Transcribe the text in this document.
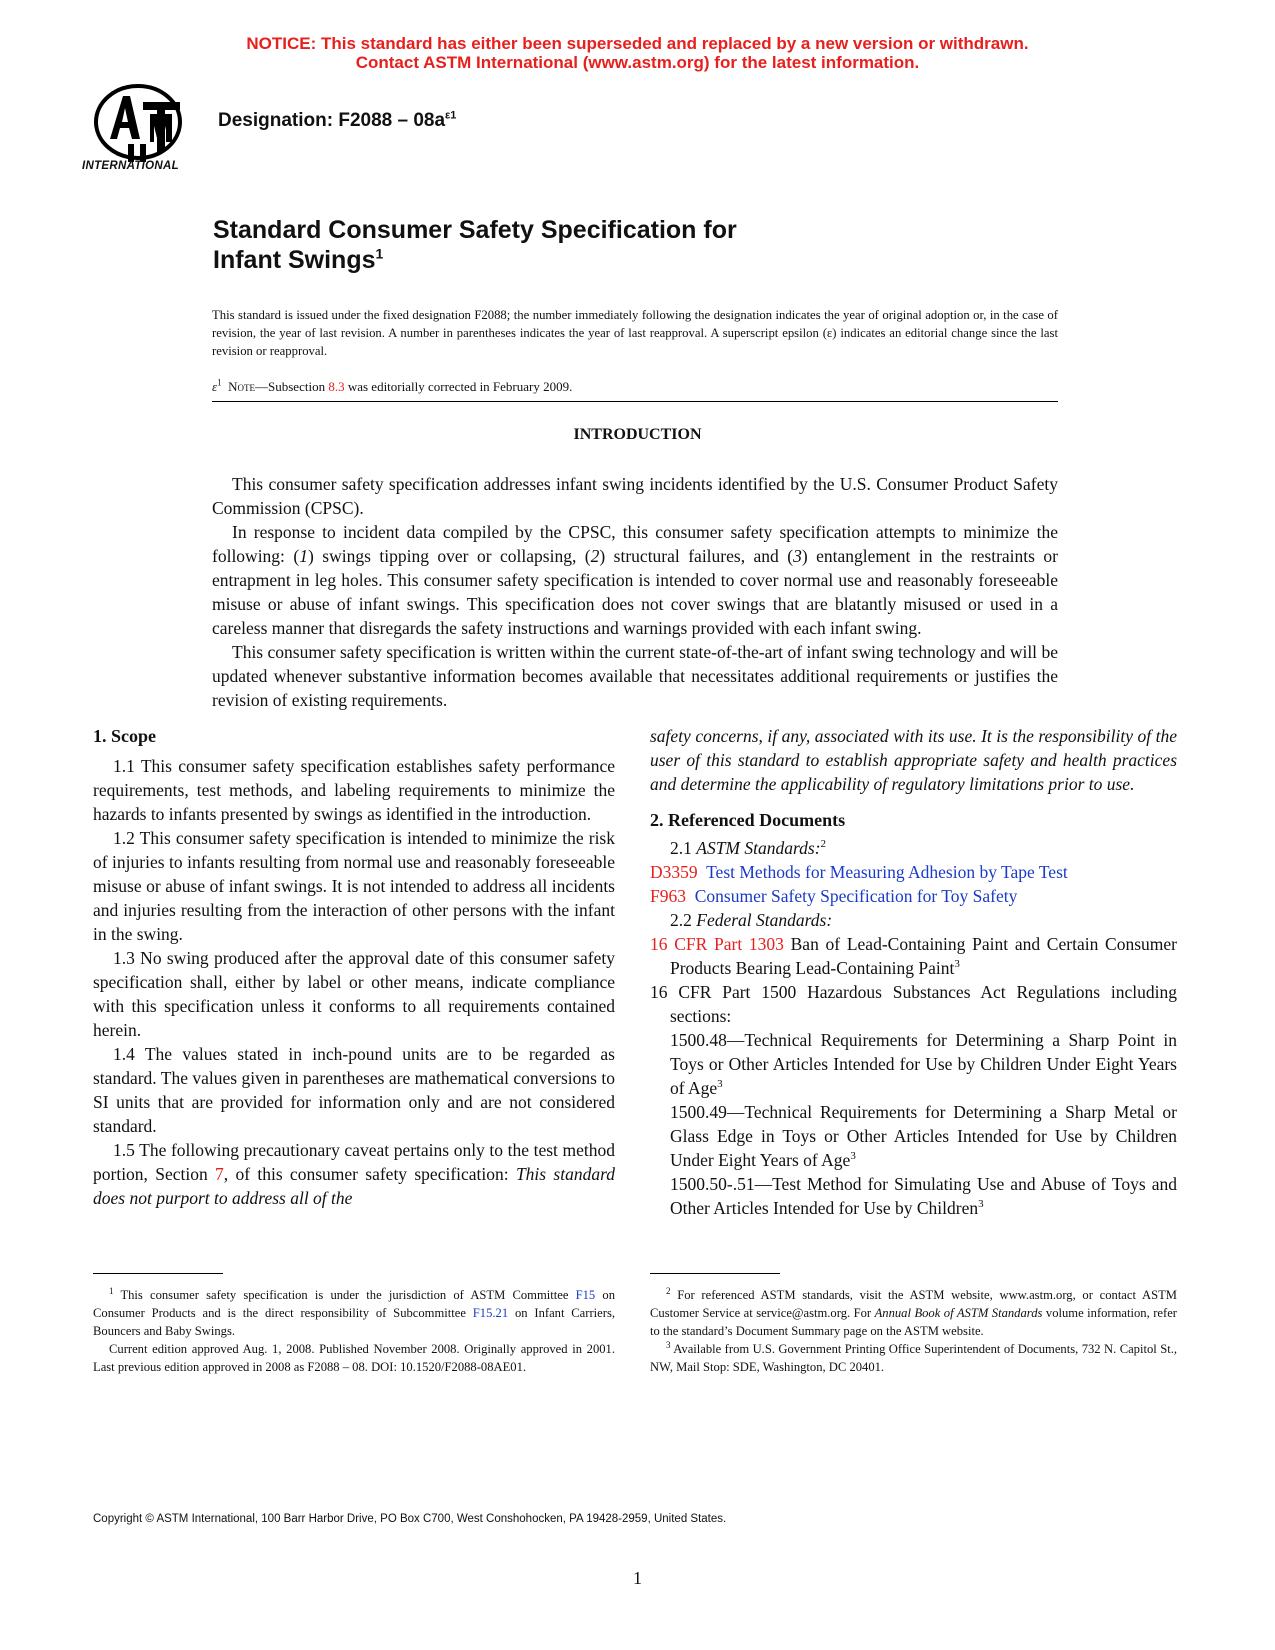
NOTICE: This standard has either been superseded and replaced by a new version or withdrawn.
Contact ASTM International (www.astm.org) for the latest information.
INTERNATIONAL
Designation: $F2088 - 08a^{\varepsilon 1}$
Standard Consumer Safety Specification for
Infant Swings$^1$
This standard is issued under the fixed designation F2088; the number immediately following the designation indicates the year of original adoption or, in the case of revision, the year of last revision. A number in parentheses indicates the year of last reapproval. A superscript epsilon (ε) indicates an editorial change since the last revision or reapproval.
$\varepsilon^1$ Note—Subsection 8.3 was editorially corrected in February 2009.
INTRODUCTION

This consumer safety specification addresses infant swing incidents identified by the U.S. Consumer Product Safety Commission (CPSC).

In response to incident data compiled by the CPSC, this consumer safety specification attempts to minimize the following: (1) swings tipping over or collapsing, (2) structural failures, and (3) entanglement in the restraints or entrapment in leg holes. This consumer safety specification is intended to cover normal use and reasonably foreseeable misuse or abuse of infant swings. This specification does not cover swings that are blatantly misused or used in a careless manner that disregards the safety instructions and warnings provided with each infant swing.

This consumer safety specification is written within the current state-of-the-art of infant swing technology and will be updated whenever substantive information becomes available that necessitates additional requirements or justifies the revision of existing requirements.

1. Scope

1.1 This consumer safety specification establishes safety performance requirements, test methods, and labeling requirements to minimize the hazards to infants presented by swings as identified in the introduction.

1.2 This consumer safety specification is intended to minimize the risk of injuries to infants resulting from normal use and reasonably foreseeable misuse or abuse of infant swings. It is not intended to address all incidents and injuries resulting from the interaction of other persons with the infant in the swing.

1.3 No swing produced after the approval date of this consumer safety specification shall, either by label or other means, indicate compliance with this specification unless it conforms to all requirements contained herein.

1.4 The values stated in inch-pound units are to be regarded as standard. The values given in parentheses are mathematical conversions to SI units that are provided for information only and are not considered standard.

1.5 The following precautionary caveat pertains only to the test method portion, Section 7, of this consumer safety specification: This standard does not purport to address all of the

safety concerns, if any, associated with its use. It is the responsibility of the user of this standard to establish appropriate safety and health practices and determine the applicability of regulatory limitations prior to use.

2. Referenced Documents

2.1 ASTM Standards:$^2$

D3359 Test Methods for Measuring Adhesion by Tape Test

F963 Consumer Safety Specification for Toy Safety

2.2 Federal Standards:

16 CFR Part 1303 Ban of Lead-Containing Paint and Certain Consumer Products Bearing Lead-Containing Paint$^3$

16 CFR Part 1500 Hazardous Substances Act Regulations including sections:

1500.48—Technical Requirements for Determining a Sharp Point in Toys or Other Articles Intended for Use by Children Under Eight Years of Age$^3$

1500.49—Technical Requirements for Determining a Sharp Metal or Glass Edge in Toys or Other Articles Intended for Use by Children Under Eight Years of Age$^3$

1500.50-.51—Test Method for Simulating Use and Abuse of Toys and Other Articles Intended for Use by Children$^3$

$^1$ This consumer safety specification is under the jurisdiction of ASTM Committee F15 on Consumer Products and is the direct responsibility of Subcommittee F15.21 on Infant Carriers, Bouncers and Baby Swings.

Current edition approved Aug. 1, 2008. Published November 2008. Originally approved in 2001. Last previous edition approved in 2008 as F2088 – 08. DOI: 10.1520/F2088-08AE01.

$^2$ For referenced ASTM standards, visit the ASTM website, www.astm.org, or contact ASTM Customer Service at service@astm.org. For Annual Book of ASTM Standards volume information, refer to the standard’s Document Summary page on the ASTM website.

$^3$ Available from U.S. Government Printing Office Superintendent of Documents, 732 N. Capitol St., NW, Mail Stop: SDE, Washington, DC 20401.

Copyright © ASTM International, 100 Barr Harbor Drive, PO Box C700, West Conshohocken, PA 19428-2959, United States.
1
